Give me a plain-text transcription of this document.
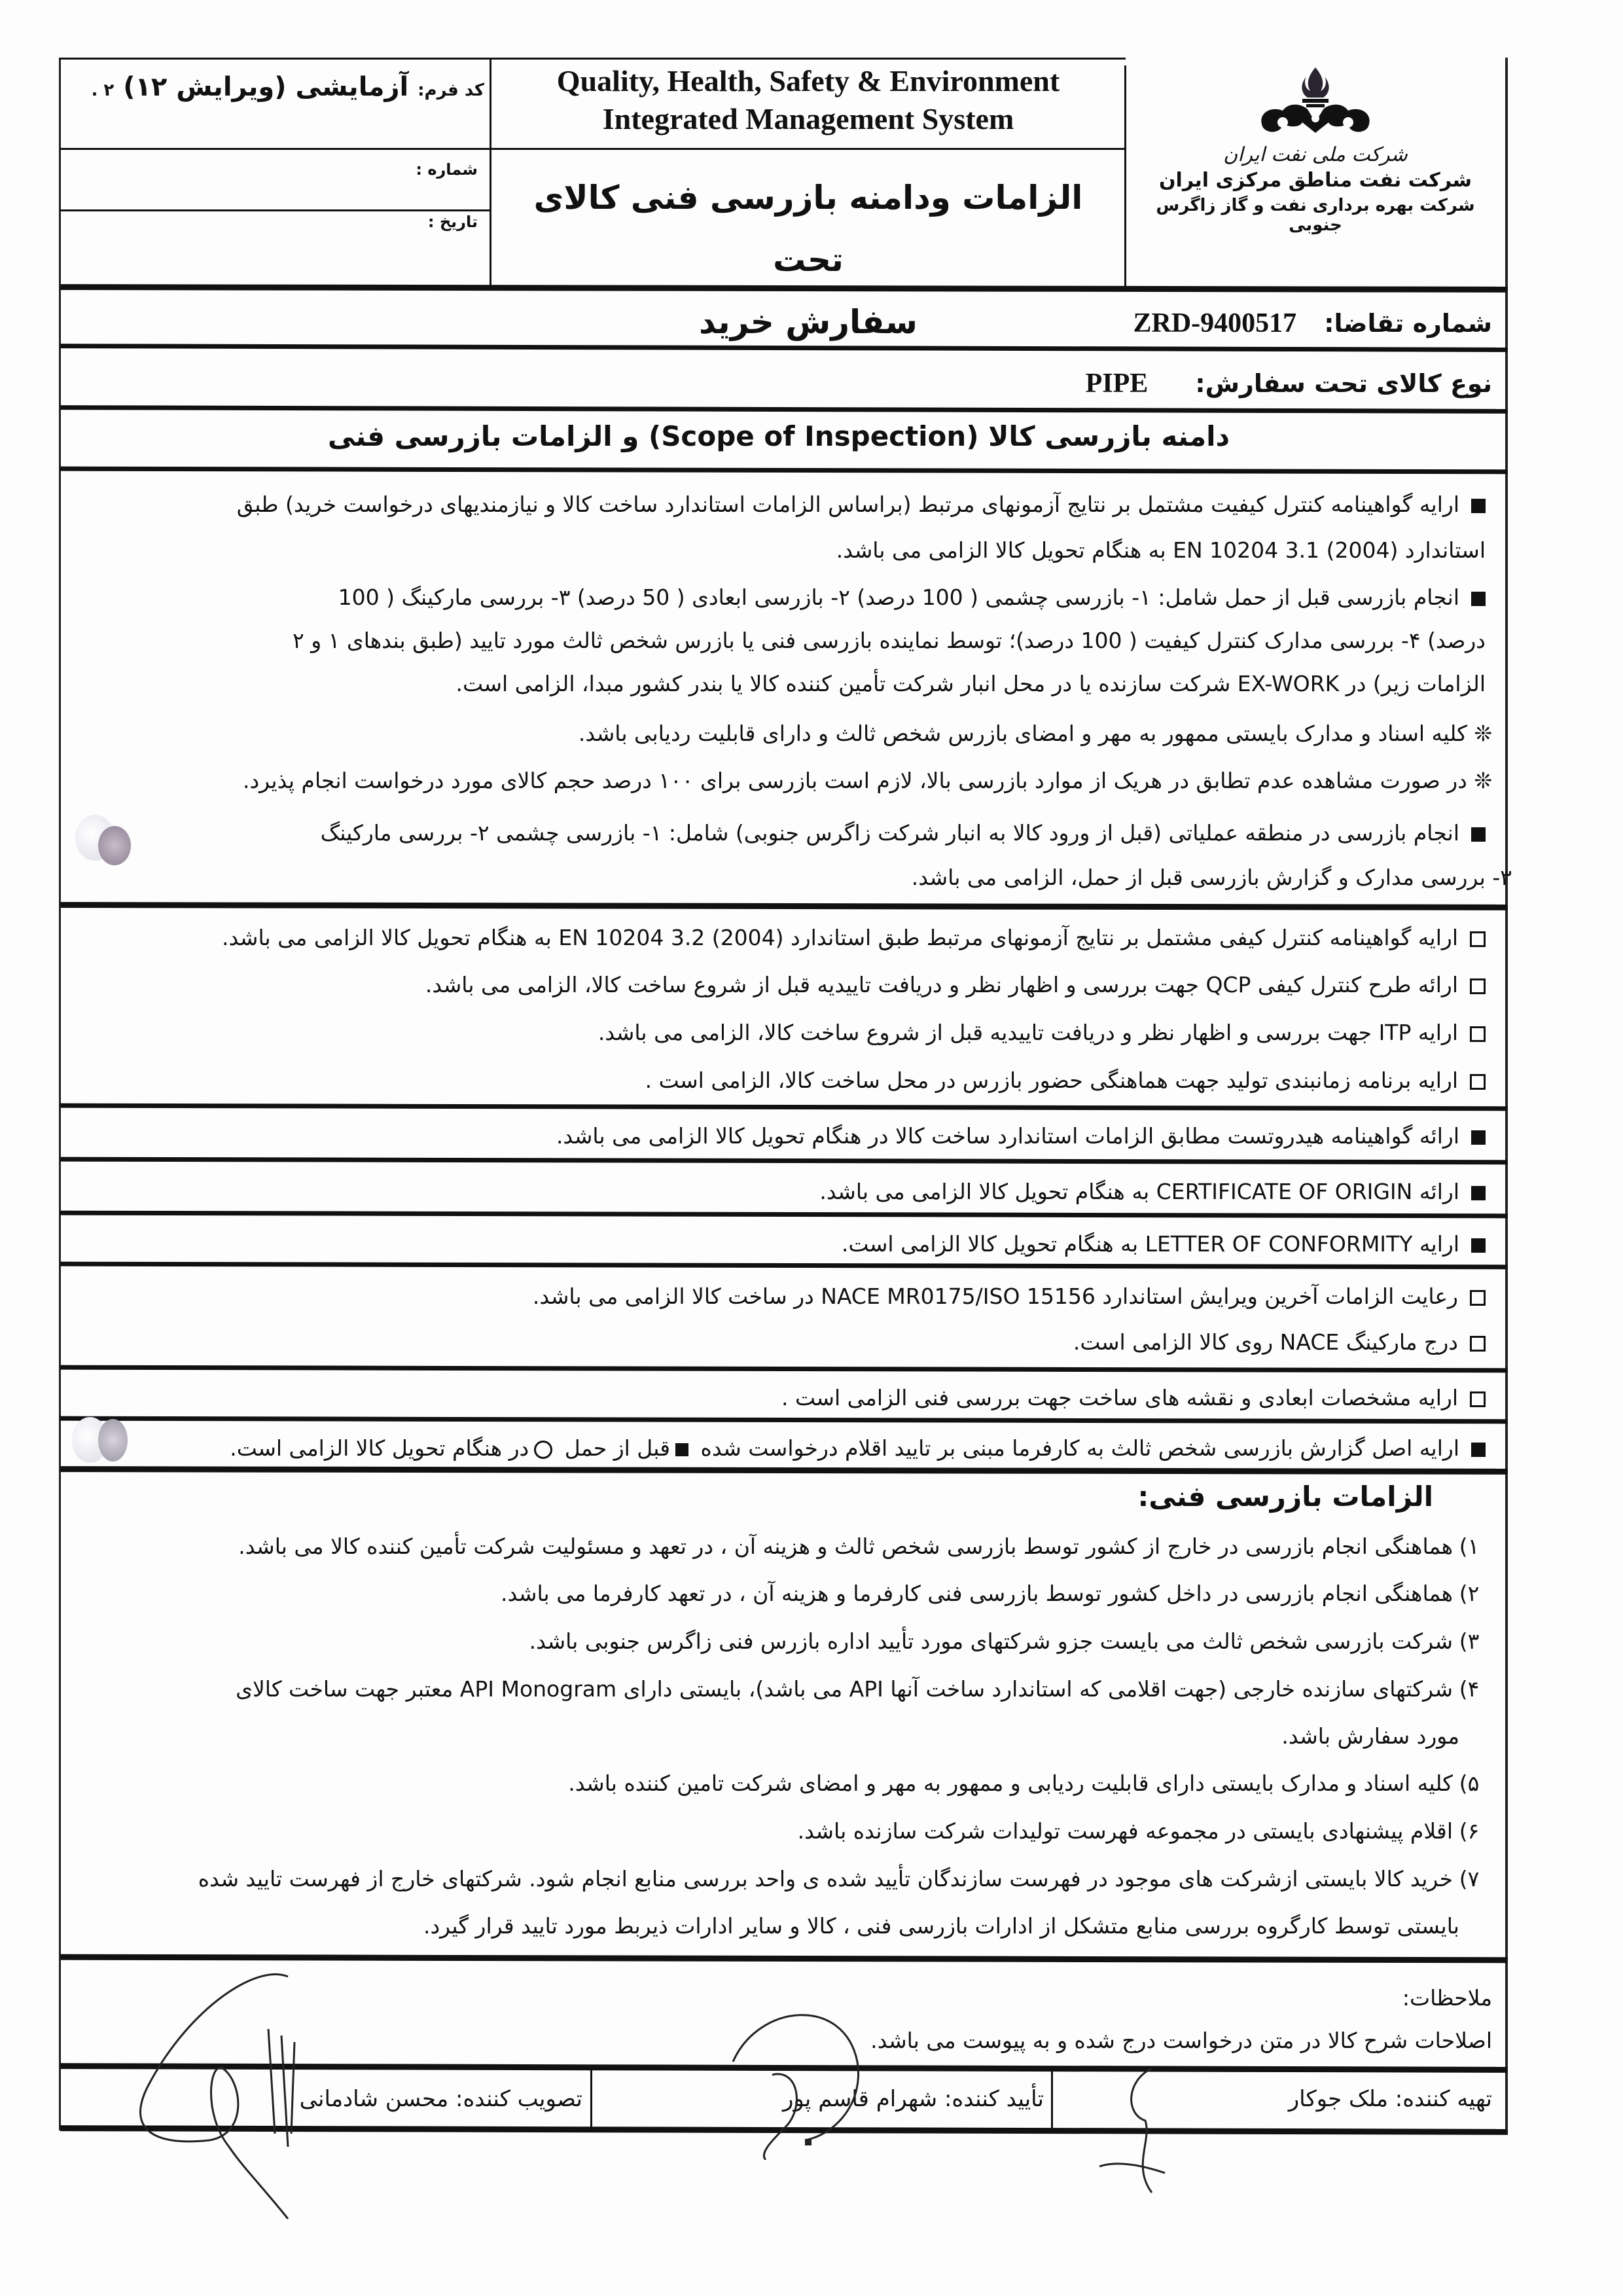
کد فرم: آزمایشی (ویرایش ۱۲) ۲ .
شماره :
تاریخ :
Quality, Health, Safety & Environment
Integrated Management System
الزامات ودامنه بازرسی فنی کالای تحت
سفارش خرید
شرکت ملی نفت ایران
شرکت نفت مناطق مرکزی ایران
شرکت بهره برداری نفت و گاز زاگرس جنوبی
شماره تقاضا: ZRD-9400517
نوع کالای تحت سفارش: PIPE
دامنه بازرسی کالا (Scope of Inspection) و الزامات بازرسی فنی
ارایه گواهینامه کنترل کیفیت مشتمل بر نتایج آزمونهای مرتبط (براساس الزامات استاندارد ساخت کالا و نیازمندیهای درخواست خرید) طبق
استاندارد (2004) EN 10204 3.1 به هنگام تحویل کالا الزامی می باشد.
انجام بازرسی قبل از حمل شامل: ۱- بازرسی چشمی ( 100 درصد) ۲- بازرسی ابعادی ( 50 درصد) ۳- بررسی مارکینگ ( 100
درصد) ۴- بررسی مدارک کنترل کیفیت ( 100 درصد)؛ توسط نماینده بازرسی فنی یا بازرس شخص ثالث مورد تایید (طبق بندهای ۱ و ۲
الزامات زیر) در EX-WORK شرکت سازنده یا در محل انبار شرکت تأمین کننده کالا یا بندر کشور مبدا، الزامی است.
❊ کلیه اسناد و مدارک بایستی ممهور به مهر و امضای بازرس شخص ثالث و دارای قابلیت ردیابی باشد.
❊ در صورت مشاهده عدم تطابق در هریک از موارد بازرسی بالا، لازم است بازرسی برای ۱۰۰ درصد حجم کالای مورد درخواست انجام پذیرد.
انجام بازرسی در منطقه عملیاتی (قبل از ورود کالا به انبار شرکت زاگرس جنوبی) شامل: ۱- بازرسی چشمی ۲- بررسی مارکینگ
۳- بررسی مدارک و گزارش بازرسی قبل از حمل، الزامی می باشد.
ارایه گواهینامه کنترل کیفی مشتمل بر نتایج آزمونهای مرتبط طبق استاندارد (2004) EN 10204 3.2 به هنگام تحویل کالا الزامی می باشد.
ارائه طرح کنترل کیفی QCP جهت بررسی و اظهار نظر و دریافت تاییدیه قبل از شروع ساخت کالا، الزامی می باشد.
ارایه ITP جهت بررسی و اظهار نظر و دریافت تاییدیه قبل از شروع ساخت کالا، الزامی می باشد.
ارایه برنامه زمانبندی تولید جهت هماهنگی حضور بازرس در محل ساخت کالا، الزامی است .
ارائه گواهینامه هیدروتست مطابق الزامات استاندارد ساخت کالا در هنگام تحویل کالا الزامی می باشد.
ارائه CERTIFICATE OF ORIGIN به هنگام تحویل کالا الزامی می باشد.
ارایه LETTER OF CONFORMITY به هنگام تحویل کالا الزامی است.
رعایت الزامات آخرین ویرایش استاندارد NACE MR0175/ISO 15156 در ساخت کالا الزامی می باشد.
درج مارکینگ NACE روی کالا الزامی است.
ارایه مشخصات ابعادی و نقشه های ساخت جهت بررسی فنی الزامی است .
ارایه اصل گزارش بازرسی شخص ثالث به کارفرما مبنی بر تایید اقلام درخواست شده قبل از حمل در هنگام تحویل کالا الزامی است.
الزامات بازرسی فنی:
۱)هماهنگی انجام بازرسی در خارج از کشور توسط بازرسی شخص ثالث و هزینه آن ، در تعهد و مسئولیت شرکت تأمین کننده کالا می باشد.
۲)هماهنگی انجام بازرسی در داخل کشور توسط بازرسی فنی کارفرما و هزینه آن ، در تعهد کارفرما می باشد.
۳)شرکت بازرسی شخص ثالث می بایست جزو شرکتهای مورد تأیید اداره بازرس فنی زاگرس جنوبی باشد.
۴)شرکتهای سازنده خارجی (جهت اقلامی که استاندارد ساخت آنها API می باشد)، بایستی دارای API Monogram معتبر جهت ساخت کالای
مورد سفارش باشد.
۵)کلیه اسناد و مدارک بایستی دارای قابلیت ردیابی و ممهور به مهر و امضای شرکت تامین کننده باشد.
۶)اقلام پیشنهادی بایستی در مجموعه فهرست تولیدات شرکت سازنده باشد.
۷)خرید کالا بایستی ازشرکت های موجود در فهرست سازندگان تأیید شده ی واحد بررسی منابع انجام شود. شرکتهای خارج از فهرست تایید شده
بایستی توسط کارگروه بررسی منابع متشکل از ادارات بازرسی فنی ، کالا و سایر ادارات ذیربط مورد تایید قرار گیرد.
ملاحظات:
اصلاحات شرح کالا در متن درخواست درج شده و به پیوست می باشد.
تهیه کننده: ملک جوکار
تأیید کننده: شهرام قاسم پور
تصویب کننده: محسن شادمانی
